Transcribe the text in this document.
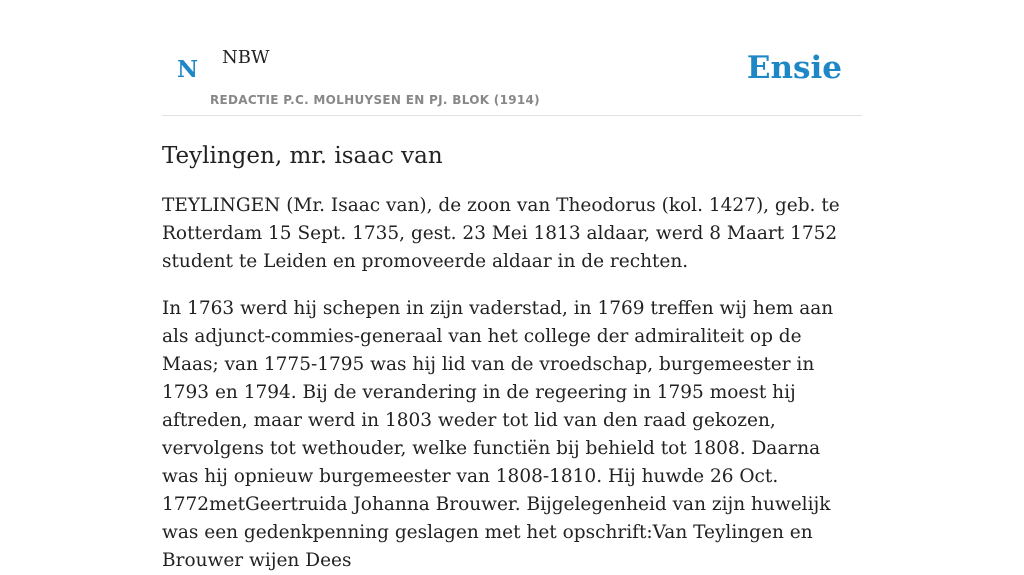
N NBW
REDACTIE P.C. MOLHUYSEN EN PJ. BLOK (1914)
Ensie
Teylingen, mr. isaac van

TEYLINGEN (Mr. Isaac van), de zoon van Theodorus (kol. 1427), geb. te Rotterdam 15 Sept. 1735, gest. 23 Mei 1813 aldaar, werd 8 Maart 1752 student te Leiden en promoveerde aldaar in de rechten.

In 1763 werd hij schepen in zijn vaderstad, in 1769 treffen wij hem aan als adjunct-commies-generaal van het college der admiraliteit op de Maas; van 1775-1795 was hij lid van de vroedschap, burgemeester in 1793 en 1794. Bij de verandering in de regeering in 1795 moest hij aftreden, maar werd in 1803 weder tot lid van den raad gekozen, vervolgens tot wethouder, welke functiën bij behield tot 1808. Daarna was hij opnieuw burgemeester van 1808-1810. Hij huwde 26 Oct. 1772metGeertruida Johanna Brouwer. Bijgelegenheid van zijn huwelijk was een gedenkpenning geslagen met het opschrift:Van Teylingen en Brouwer wijen Dees
